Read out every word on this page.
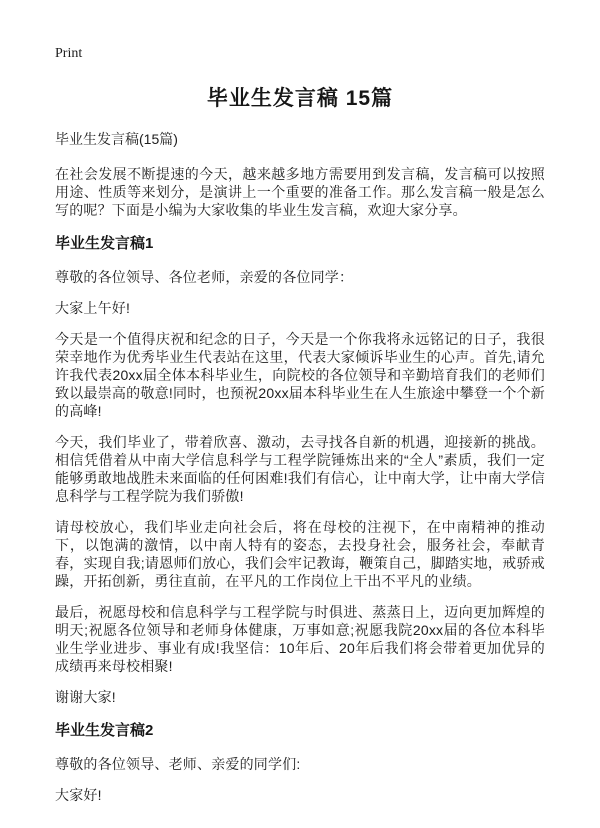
Print
毕业生发言稿 15篇

毕业生发言稿(15篇)

在社会发展不断提速的今天，越来越多地方需要用到发言稿，发言稿可以按照用途、性质等来划分，是演讲上一个重要的准备工作。那么发言稿一般是怎么写的呢？下面是小编为大家收集的毕业生发言稿，欢迎大家分享。

毕业生发言稿1

尊敬的各位领导、各位老师，亲爱的各位同学：

大家上午好!

今天是一个值得庆祝和纪念的日子，今天是一个你我将永远铭记的日子，我很荣幸地作为优秀毕业生代表站在这里，代表大家倾诉毕业生的心声。首先,请允许我代表20xx届全体本科毕业生，向院校的各位领导和辛勤培育我们的老师们致以最崇高的敬意!同时，也预祝20xx届本科毕业生在人生旅途中攀登一个个新的高峰!

今天，我们毕业了，带着欣喜、激动，去寻找各自新的机遇，迎接新的挑战。相信凭借着从中南大学信息科学与工程学院锤炼出来的“全人”素质，我们一定能够勇敢地战胜未来面临的任何困难!我们有信心，让中南大学，让中南大学信息科学与工程学院为我们骄傲!

请母校放心，我们毕业走向社会后，将在母校的注视下，在中南精神的推动下，以饱满的激情，以中南人特有的姿态，去投身社会，服务社会，奉献青春，实现自我;请恩师们放心，我们会牢记教诲，鞭策自己，脚踏实地，戒骄戒躁，开拓创新，勇往直前，在平凡的工作岗位上干出不平凡的业绩。

最后，祝愿母校和信息科学与工程学院与时俱进、蒸蒸日上，迈向更加辉煌的明天;祝愿各位领导和老师身体健康，万事如意;祝愿我院20xx届的各位本科毕业生学业进步、事业有成!我坚信：10年后、20年后我们将会带着更加优异的成绩再来母校相聚!

谢谢大家!

毕业生发言稿2

尊敬的各位领导、老师、亲爱的同学们:

大家好!
